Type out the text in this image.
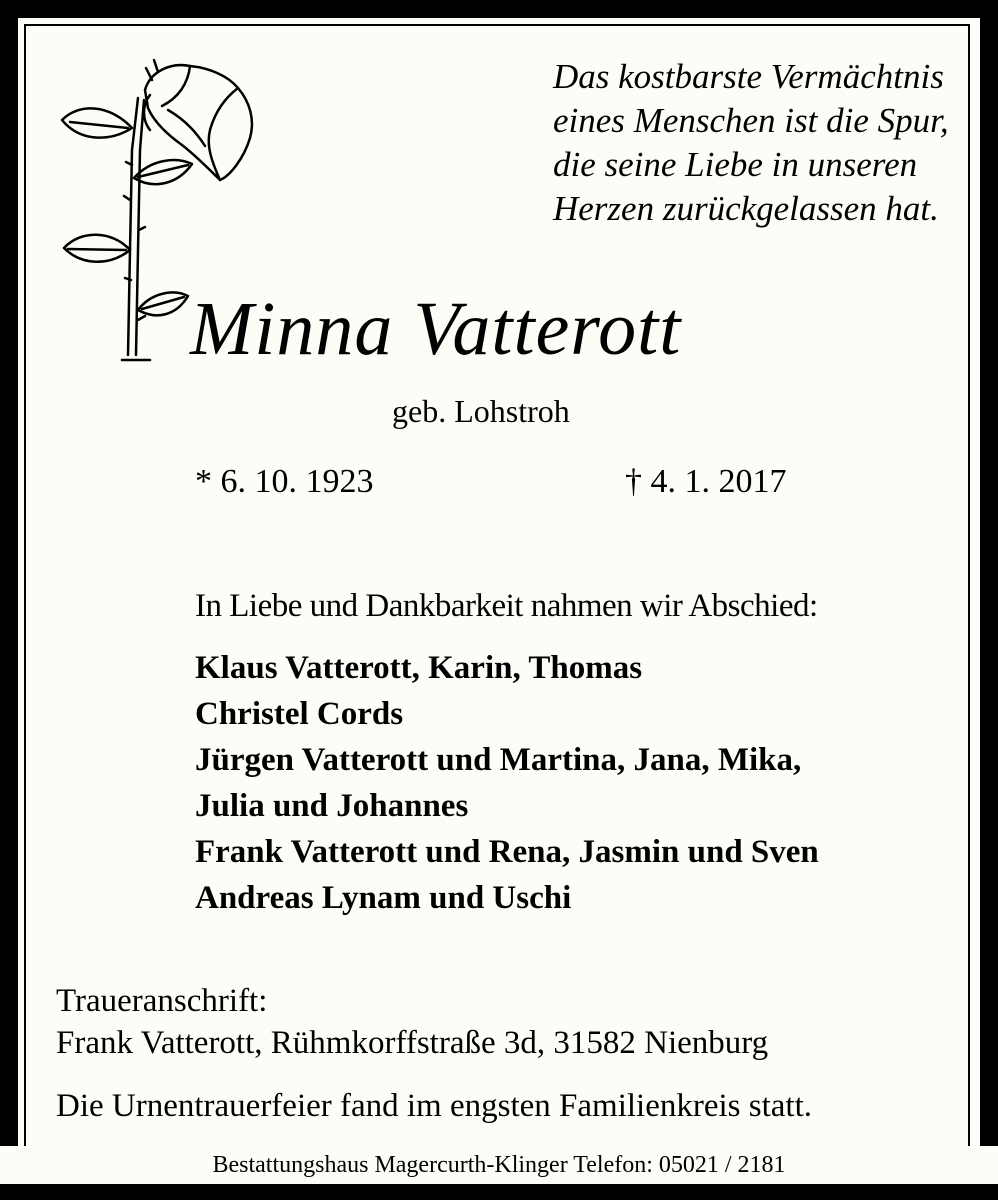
Das kostbarste Vermächtnis
eines Menschen ist die Spur,
die seine Liebe in unseren
Herzen zurückgelassen hat.
Minna Vatterott
geb. Lohstroh
* 6. 10. 1923	† 4. 1. 2017
In Liebe und Dankbarkeit nahmen wir Abschied:
Klaus Vatterott, Karin, Thomas
Christel Cords
Jürgen Vatterott und Martina, Jana, Mika,
Julia und Johannes
Frank Vatterott und Rena, Jasmin und Sven
Andreas Lynam und Uschi
Traueranschrift:
Frank Vatterott, Rühmkorffstraße 3d, 31582 Nienburg
Die Urnentrauerfeier fand im engsten Familienkreis statt.
Bestattungshaus Magercurth-Klinger Telefon: 05021 / 2181
